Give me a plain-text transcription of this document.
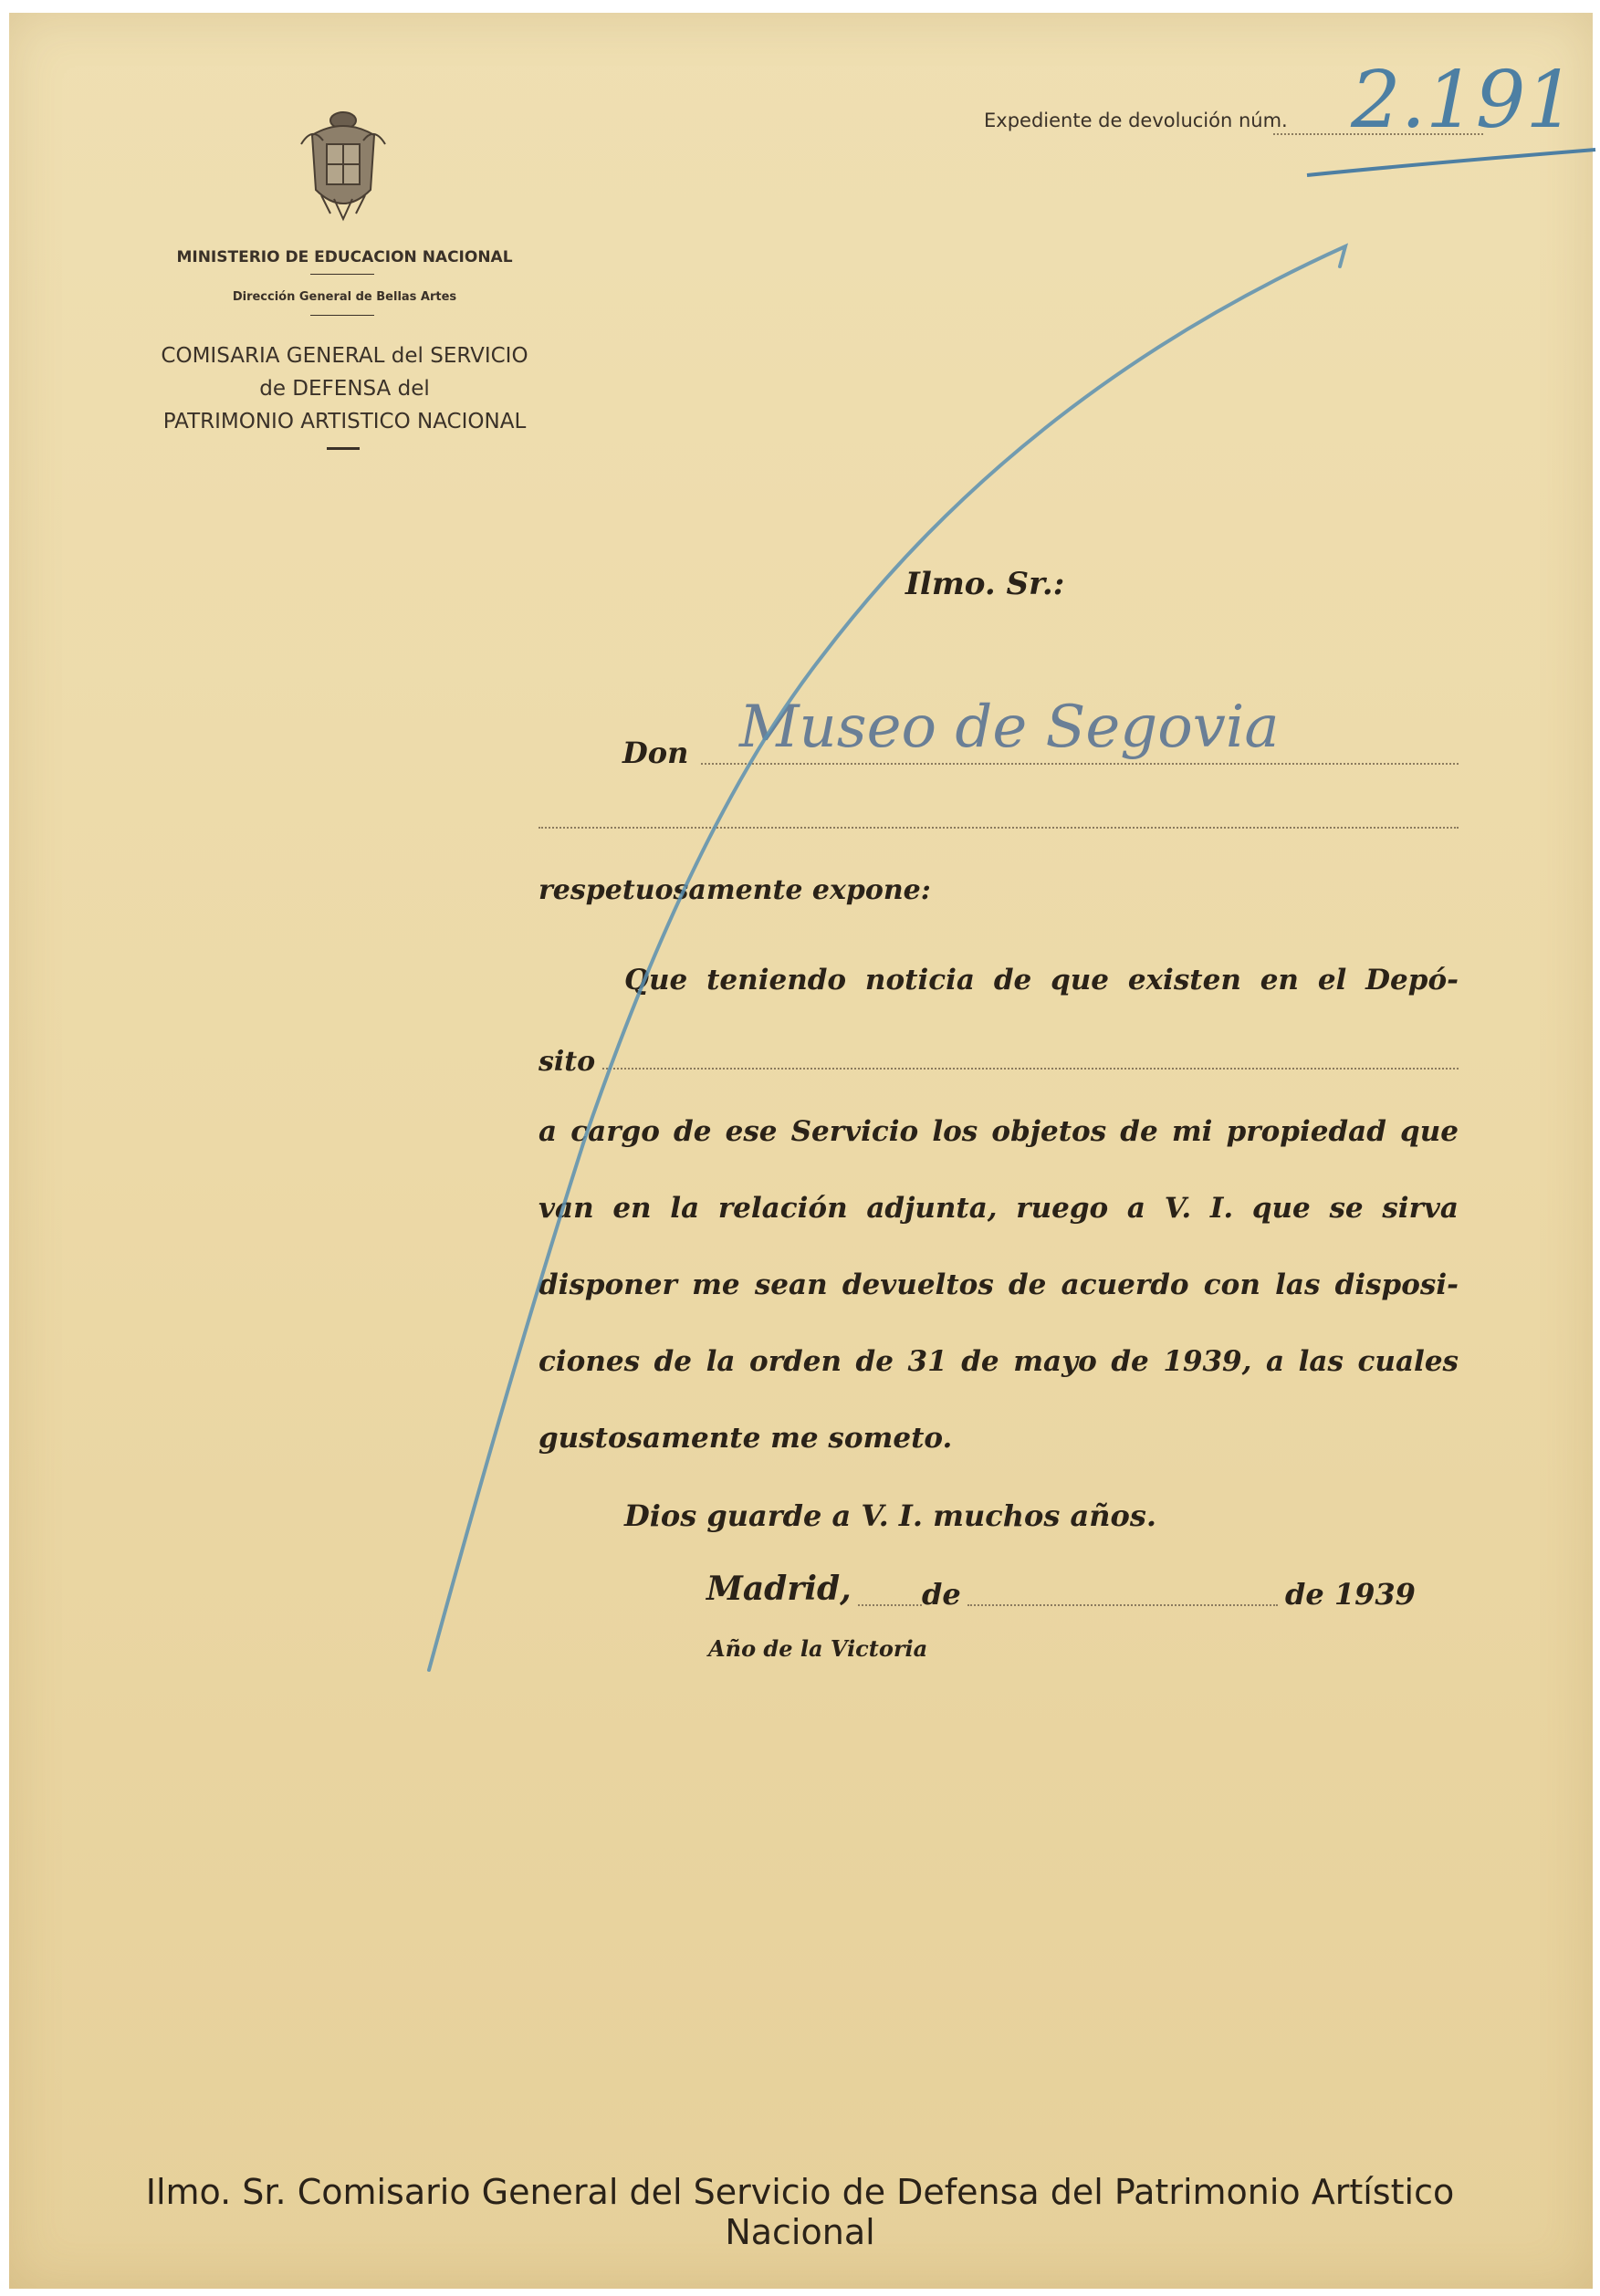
MINISTERIO DE EDUCACION NACIONAL
Dirección General de Bellas Artes
COMISARIA GENERAL del SERVICIO
de DEFENSA del
PATRIMONIO ARTISTICO NACIONAL
Expediente de devolución núm. 2.191
Ilmo. Sr.:
Don Museo de Segovia
respetuosamente expone:
Que teniendo noticia de que existen en el Depó-
sito
a cargo de ese Servicio los objetos de mi propiedad que
van en la relación adjunta, ruego a V. I. que se sirva
disponer me sean devueltos de acuerdo con las disposi-
ciones de la orden de 31 de mayo de 1939, a las cuales
gustosamente me someto.
Dios guarde a V. I. muchos años.
Madrid, de	de 1939
Año de la Victoria
Ilmo. Sr. Comisario General del Servicio de Defensa del Patrimonio Artístico Nacional
